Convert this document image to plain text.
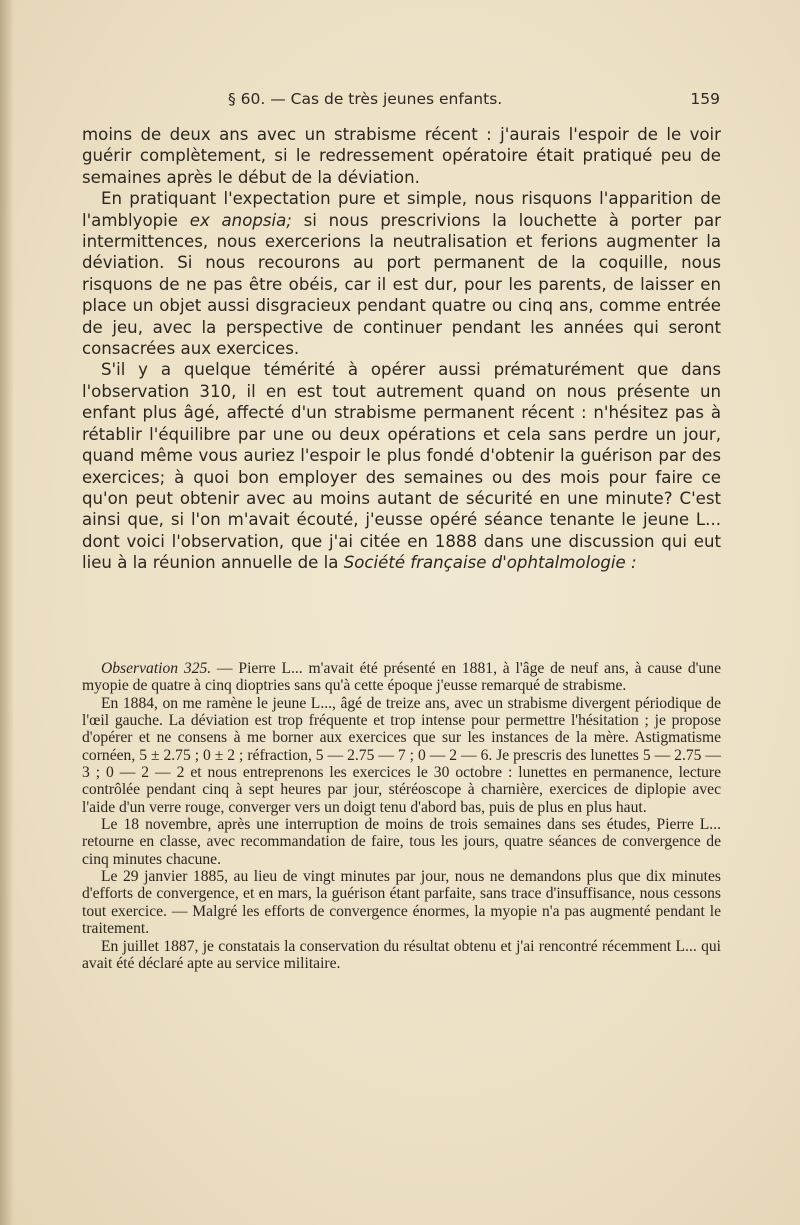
§ 60. — Cas de très jeunes enfants.	159

moins de deux ans avec un strabisme récent : j'aurais l'espoir de le voir guérir complètement, si le redressement opératoire était pratiqué peu de semaines après le début de la déviation.

En pratiquant l'expectation pure et simple, nous risquons l'apparition de l'amblyopie ex anopsia; si nous prescrivions la louchette à porter par intermittences, nous exercerions la neutralisation et ferions augmenter la déviation. Si nous recourons au port permanent de la coquille, nous risquons de ne pas être obéis, car il est dur, pour les parents, de laisser en place un objet aussi disgracieux pendant quatre ou cinq ans, comme entrée de jeu, avec la perspective de continuer pendant les années qui seront consacrées aux exercices.

S'il y a quelque témérité à opérer aussi prématurément que dans l'observation 310, il en est tout autrement quand on nous présente un enfant plus âgé, affecté d'un strabisme permanent récent : n'hésitez pas à rétablir l'équilibre par une ou deux opérations et cela sans perdre un jour, quand même vous auriez l'espoir le plus fondé d'obtenir la guérison par des exercices; à quoi bon employer des semaines ou des mois pour faire ce qu'on peut obtenir avec au moins autant de sécurité en une minute? C'est ainsi que, si l'on m'avait écouté, j'eusse opéré séance tenante le jeune L... dont voici l'observation, que j'ai citée en 1888 dans une discussion qui eut lieu à la réunion annuelle de la Société française d'ophtalmologie :

Observation 325. — Pierre L... m'avait été présenté en 1881, à l'âge de neuf ans, à cause d'une myopie de quatre à cinq dioptries sans qu'à cette époque j'eusse remarqué de strabisme.

En 1884, on me ramène le jeune L..., âgé de treize ans, avec un strabisme divergent périodique de l'œil gauche. La déviation est trop fréquente et trop intense pour permettre l'hésitation ; je propose d'opérer et ne consens à me borner aux exercices que sur les instances de la mère. Astigmatisme cornéen, 5 ± 2.75 ; 0 ± 2 ; réfraction, 5 — 2.75 — 7 ; 0 — 2 — 6. Je prescris des lunettes 5 — 2.75 — 3 ; 0 — 2 — 2 et nous entreprenons les exercices le 30 octobre : lunettes en permanence, lecture contrôlée pendant cinq à sept heures par jour, stéréoscope à charnière, exercices de diplopie avec l'aide d'un verre rouge, converger vers un doigt tenu d'abord bas, puis de plus en plus haut.

Le 18 novembre, après une interruption de moins de trois semaines dans ses études, Pierre L... retourne en classe, avec recommandation de faire, tous les jours, quatre séances de convergence de cinq minutes chacune.

Le 29 janvier 1885, au lieu de vingt minutes par jour, nous ne demandons plus que dix minutes d'efforts de convergence, et en mars, la guérison étant parfaite, sans trace d'insuffisance, nous cessons tout exercice. — Malgré les efforts de convergence énormes, la myopie n'a pas augmenté pendant le traitement.

En juillet 1887, je constatais la conservation du résultat obtenu et j'ai rencontré récemment L... qui avait été déclaré apte au service militaire.
